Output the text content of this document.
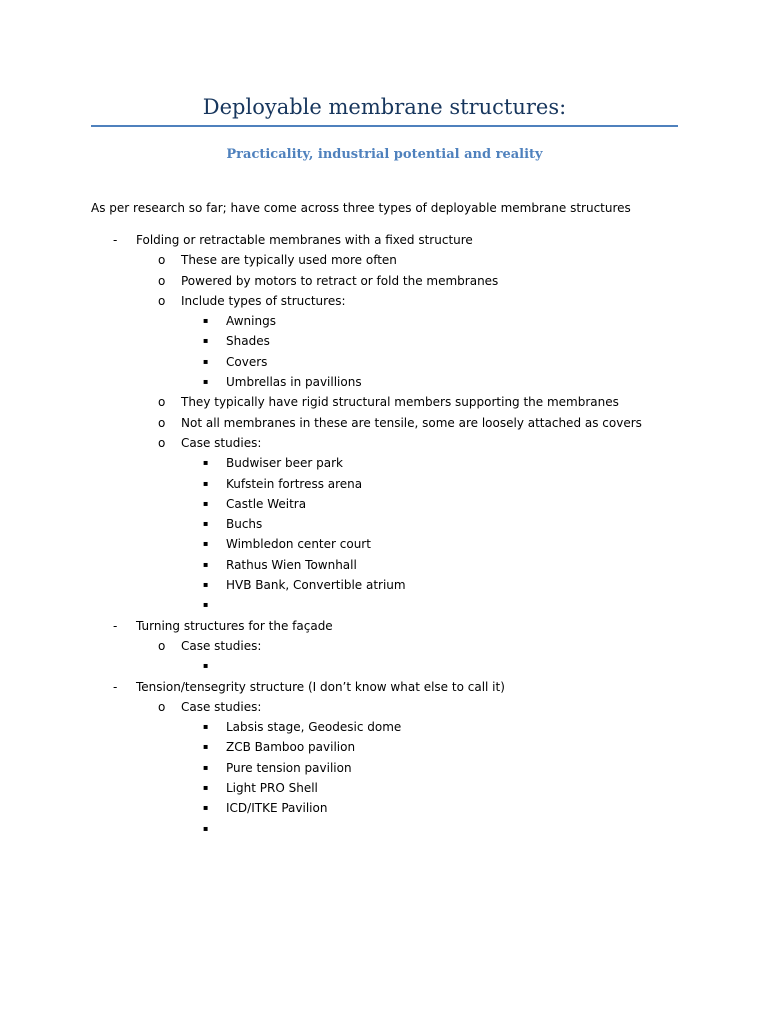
Deployable membrane structures:
Practicality, industrial potential and reality
As per research so far; have come across three types of deployable membrane structures
- Folding or retractable membranes with a fixed structure
o These are typically used more often
o Powered by motors to retract or fold the membranes
o Include types of structures:
▪ Awnings
▪ Shades
▪ Covers
▪ Umbrellas in pavillions
o They typically have rigid structural members supporting the membranes
o Not all membranes in these are tensile, some are loosely attached as covers
o Case studies:
▪ Budwiser beer park
▪ Kufstein fortress arena
▪ Castle Weitra
▪ Buchs
▪ Wimbledon center court
▪ Rathus Wien Townhall
▪ HVB Bank, Convertible atrium
▪
- Turning structures for the façade
o Case studies:
▪
- Tension/tensegrity structure (I don’t know what else to call it)
o Case studies:
▪ Labsis stage, Geodesic dome
▪ ZCB Bamboo pavilion
▪ Pure tension pavilion
▪ Light PRO Shell
▪ ICD/ITKE Pavilion
▪
